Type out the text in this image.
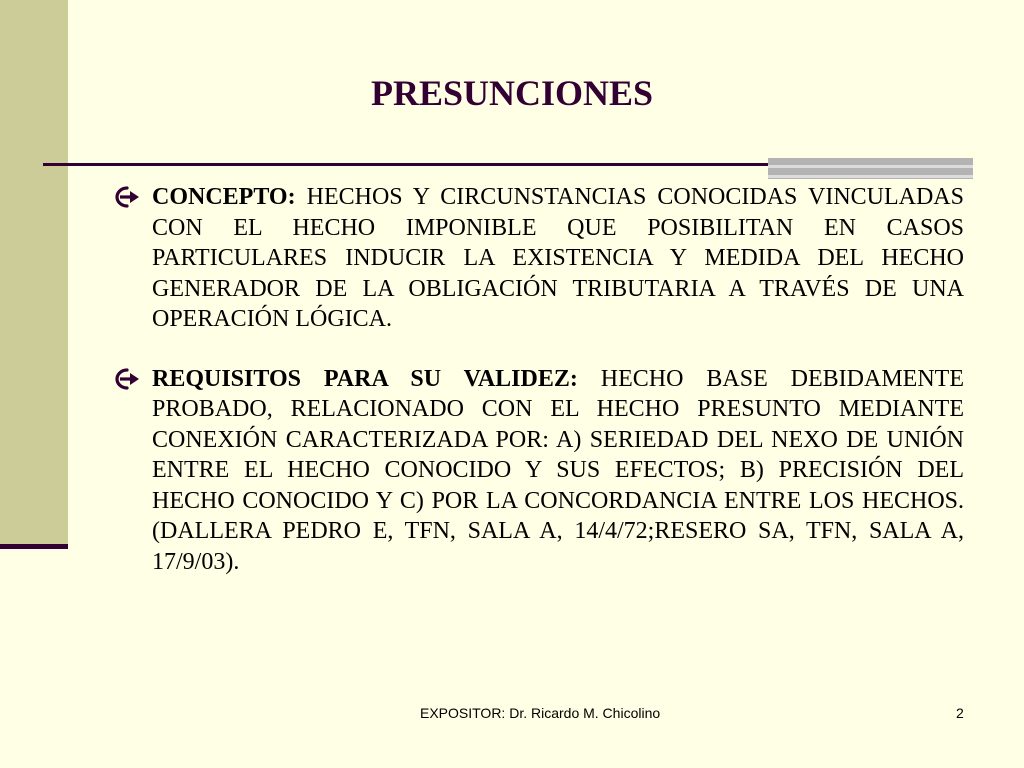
PRESUNCIONES
CONCEPTO: HECHOS Y CIRCUNSTANCIAS CONOCIDAS VINCULADAS CON EL HECHO IMPONIBLE QUE POSIBILITAN EN CASOS PARTICULARES INDUCIR LA EXISTENCIA Y MEDIDA DEL HECHO GENERADOR DE LA OBLIGACIÓN TRIBUTARIA A TRAVÉS DE UNA OPERACIÓN LÓGICA.
REQUISITOS PARA SU VALIDEZ: HECHO BASE DEBIDAMENTE PROBADO, RELACIONADO CON EL HECHO PRESUNTO MEDIANTE CONEXIÓN CARACTERIZADA POR: A) SERIEDAD DEL NEXO DE UNIÓN ENTRE EL HECHO CONOCIDO Y SUS EFECTOS; B) PRECISIÓN DEL HECHO CONOCIDO Y C) POR LA CONCORDANCIA ENTRE LOS HECHOS. (DALLERA PEDRO E, TFN, SALA A, 14/4/72;RESERO SA, TFN, SALA A, 17/9/03).
EXPOSITOR: Dr. Ricardo M. Chicolino	2
